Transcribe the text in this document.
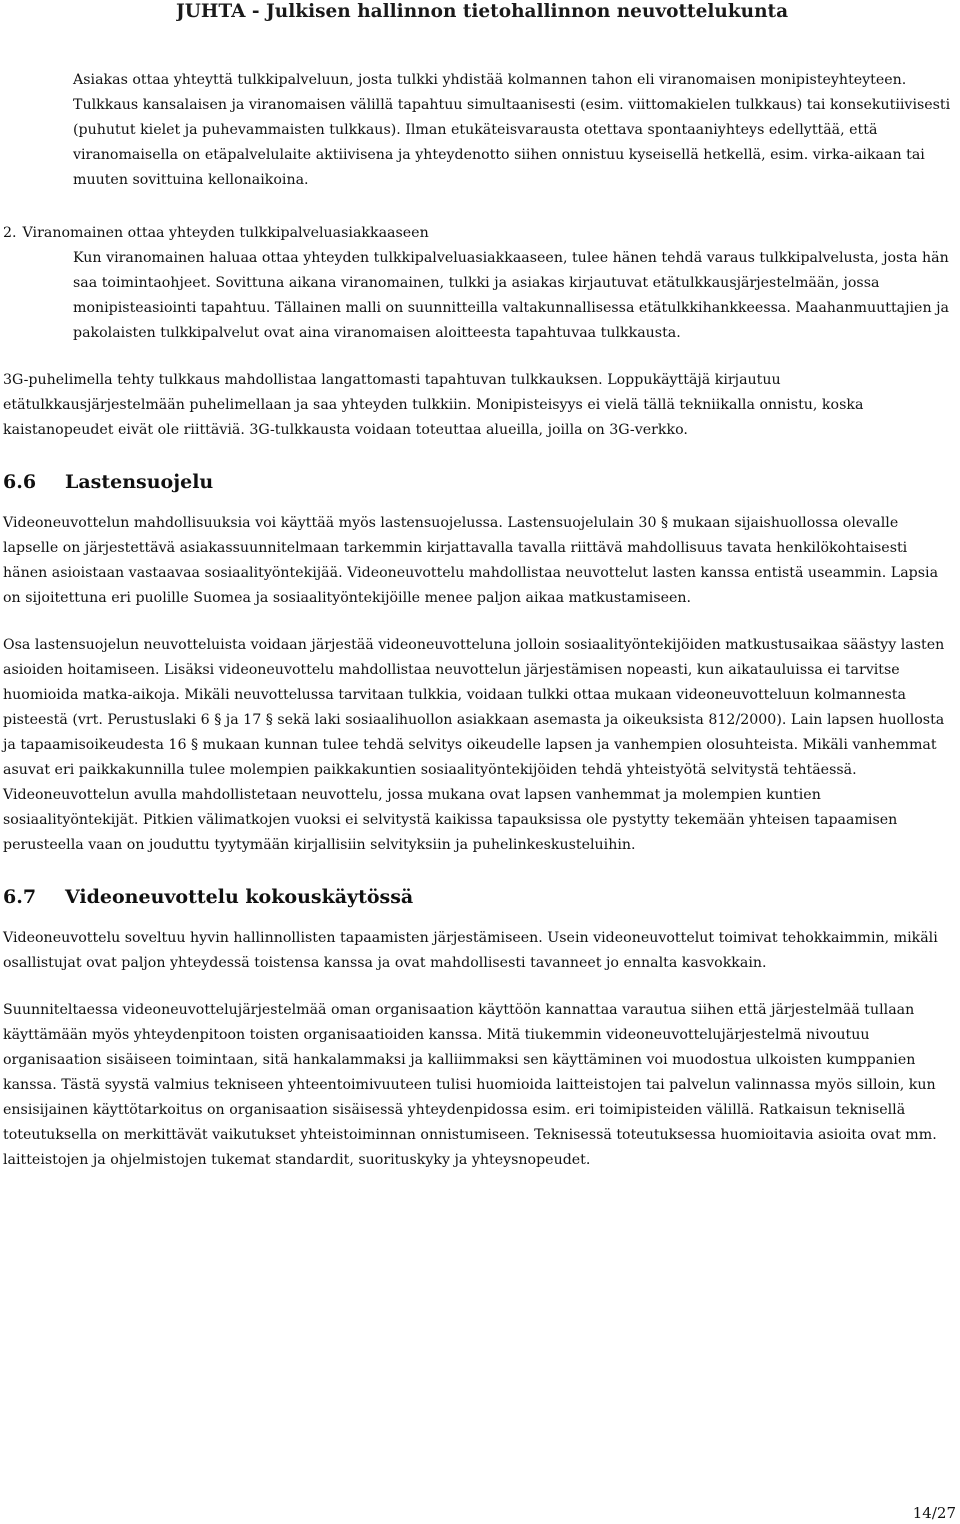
JUHTA - Julkisen hallinnon tietohallinnon neuvottelukunta

Asiakas ottaa yhteyttä tulkkipalveluun, josta tulkki yhdistää kolmannen tahon eli viranomaisen monipisteyhteyteen. Tulkkaus kansalaisen ja viranomaisen välillä tapahtuu simultaanisesti (esim. viittomakielen tulkkaus) tai konsekutiivisesti (puhutut kielet ja puhevammaisten tulkkaus). Ilman etukäteisvarausta otettava spontaaniyhteys edellyttää, että viranomaisella on etäpalvelulaite aktiivisena ja yhteydenotto siihen onnistuu kyseisellä hetkellä, esim. virka-aikaan tai muuten sovittuina kellonaikoina.

2. Viranomainen ottaa yhteyden tulkkipalveluasiakkaaseen

Kun viranomainen haluaa ottaa yhteyden tulkkipalveluasiakkaaseen, tulee hänen tehdä varaus tulkkipalvelusta, josta hän saa toimintaohjeet. Sovittuna aikana viranomainen, tulkki ja asiakas kirjautuvat etätulkkausjärjestelmään, jossa monipisteasiointi tapahtuu. Tällainen malli on suunnitteilla valtakunnallisessa etätulkkihankkeessa. Maahanmuuttajien ja pakolaisten tulkkipalvelut ovat aina viranomaisen aloitteesta tapahtuvaa tulkkausta.

3G-puhelimella tehty tulkkaus mahdollistaa langattomasti tapahtuvan tulkkauksen. Loppukäyttäjä kirjautuu etätulkkausjärjestelmään puhelimellaan ja saa yhteyden tulkkiin. Monipisteisyys ei vielä tällä tekniikalla onnistu, koska kaistanopeudet eivät ole riittäviä. 3G-tulkkausta voidaan toteuttaa alueilla, joilla on 3G-verkko.

6.6 Lastensuojelu

Videoneuvottelun mahdollisuuksia voi käyttää myös lastensuojelussa. Lastensuojelulain 30 § mukaan sijaishuollossa olevalle lapselle on järjestettävä asiakassuunnitelmaan tarkemmin kirjattavalla tavalla riittävä mahdollisuus tavata henkilökohtaisesti hänen asioistaan vastaavaa sosiaalityöntekijää. Videoneuvottelu mahdollistaa neuvottelut lasten kanssa entistä useammin. Lapsia on sijoitettuna eri puolille Suomea ja sosiaalityöntekijöille menee paljon aikaa matkustamiseen.

Osa lastensuojelun neuvotteluista voidaan järjestää videoneuvotteluna jolloin sosiaalityöntekijöiden matkustusaikaa säästyy lasten asioiden hoitamiseen. Lisäksi videoneuvottelu mahdollistaa neuvottelun järjestämisen nopeasti, kun aikatauluissa ei tarvitse huomioida matka-aikoja. Mikäli neuvottelussa tarvitaan tulkkia, voidaan tulkki ottaa mukaan videoneuvotteluun kolmannesta pisteestä (vrt. Perustuslaki 6 § ja 17 § sekä laki sosiaalihuollon asiakkaan asemasta ja oikeuksista 812/2000). Lain lapsen huollosta ja tapaamisoikeudesta 16 § mukaan kunnan tulee tehdä selvitys oikeudelle lapsen ja vanhempien olosuhteista. Mikäli vanhemmat asuvat eri paikkakunnilla tulee molempien paikkakuntien sosiaalityöntekijöiden tehdä yhteistyötä selvitystä tehtäessä. Videoneuvottelun avulla mahdollistetaan neuvottelu, jossa mukana ovat lapsen vanhemmat ja molempien kuntien sosiaalityöntekijät. Pitkien välimatkojen vuoksi ei selvitystä kaikissa tapauksissa ole pystytty tekemään yhteisen tapaamisen perusteella vaan on jouduttu tyytymään kirjallisiin selvityksiin ja puhelinkeskusteluihin.

6.7 Videoneuvottelu kokouskäytössä

Videoneuvottelu soveltuu hyvin hallinnollisten tapaamisten järjestämiseen. Usein videoneuvottelut toimivat tehokkaimmin, mikäli osallistujat ovat paljon yhteydessä toistensa kanssa ja ovat mahdollisesti tavanneet jo ennalta kasvokkain.

Suunniteltaessa videoneuvottelujärjestelmää oman organisaation käyttöön kannattaa varautua siihen että järjestelmää tullaan käyttämään myös yhteydenpitoon toisten organisaatioiden kanssa. Mitä tiukemmin videoneuvottelujärjestelmä nivoutuu organisaation sisäiseen toimintaan, sitä hankalammaksi ja kalliimmaksi sen käyttäminen voi muodostua ulkoisten kumppanien kanssa. Tästä syystä valmius tekniseen yhteentoimivuuteen tulisi huomioida laitteistojen tai palvelun valinnassa myös silloin, kun ensisijainen käyttötarkoitus on organisaation sisäisessä yhteydenpidossa esim. eri toimipisteiden välillä. Ratkaisun teknisellä toteutuksella on merkittävät vaikutukset yhteistoiminnan onnistumiseen. Teknisessä toteutuksessa huomioitavia asioita ovat mm. laitteistojen ja ohjelmistojen tukemat standardit, suorituskyky ja yhteysnopeudet.

14/27
